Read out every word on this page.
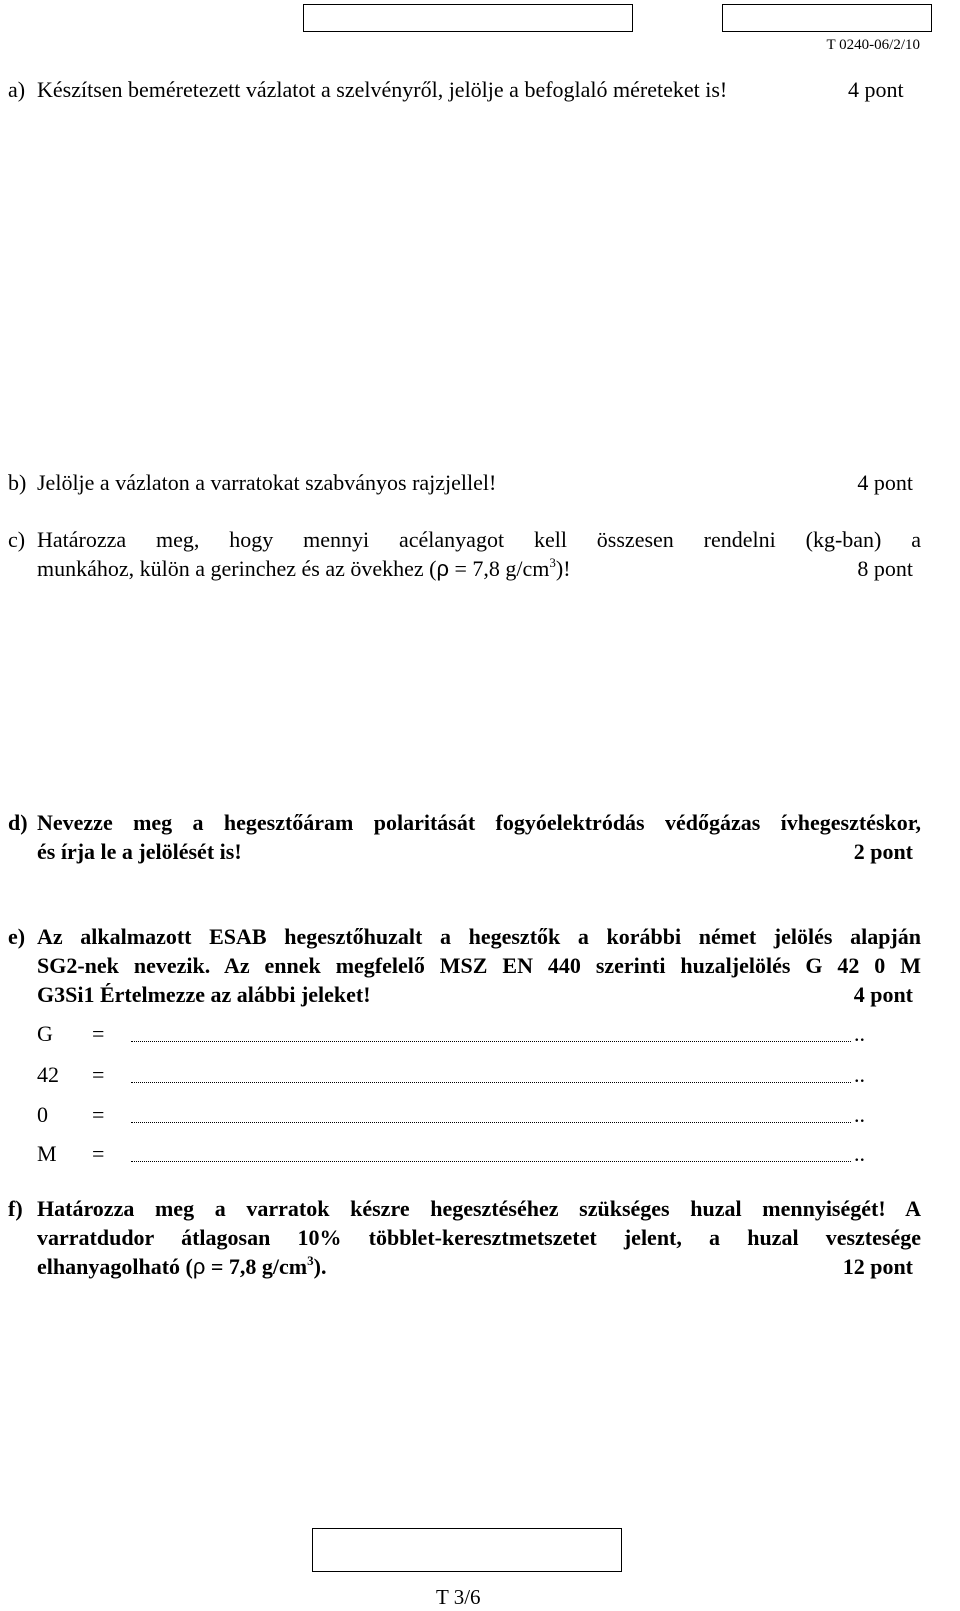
T 0240-06/2/10
a) Készítsen beméretezett vázlatot a szelvényről, jelölje a befoglaló méreteket is!	4 pont
b) Jelölje a vázlaton a varratokat szabványos rajzjellel!	4 pont
c) Határozza meg, hogy mennyi acélanyagot kell összesen rendelni (kg-ban) a
munkához, külön a gerinchez és az övekhez (ρ = 7,8 $g/cm^3$)!	8 pont
d) Nevezze meg a hegesztőáram polaritását fogyóelektródás védőgázas ívhegesztéskor,
és írja le a jelölését is!	2 pont
e) Az alkalmazott ESAB hegesztőhuzalt a hegesztők a korábbi német jelölés alapján
SG2-nek nevezik. Az ennek megfelelő MSZ EN 440 szerinti huzaljelölés G 42 0 M
G3Si1 Értelmezze az alábbi jeleket!	4 pont
G =	..
42 =	..
0 =	..
M =	..
f) Határozza meg a varratok készre hegesztéséhez szükséges huzal mennyiségét! A
varratdudor átlagosan 10% többlet-keresztmetszetet jelent, a huzal vesztesége
elhanyagolható (ρ = 7,8 $g/cm^3$).	12 pont
T 3/6
